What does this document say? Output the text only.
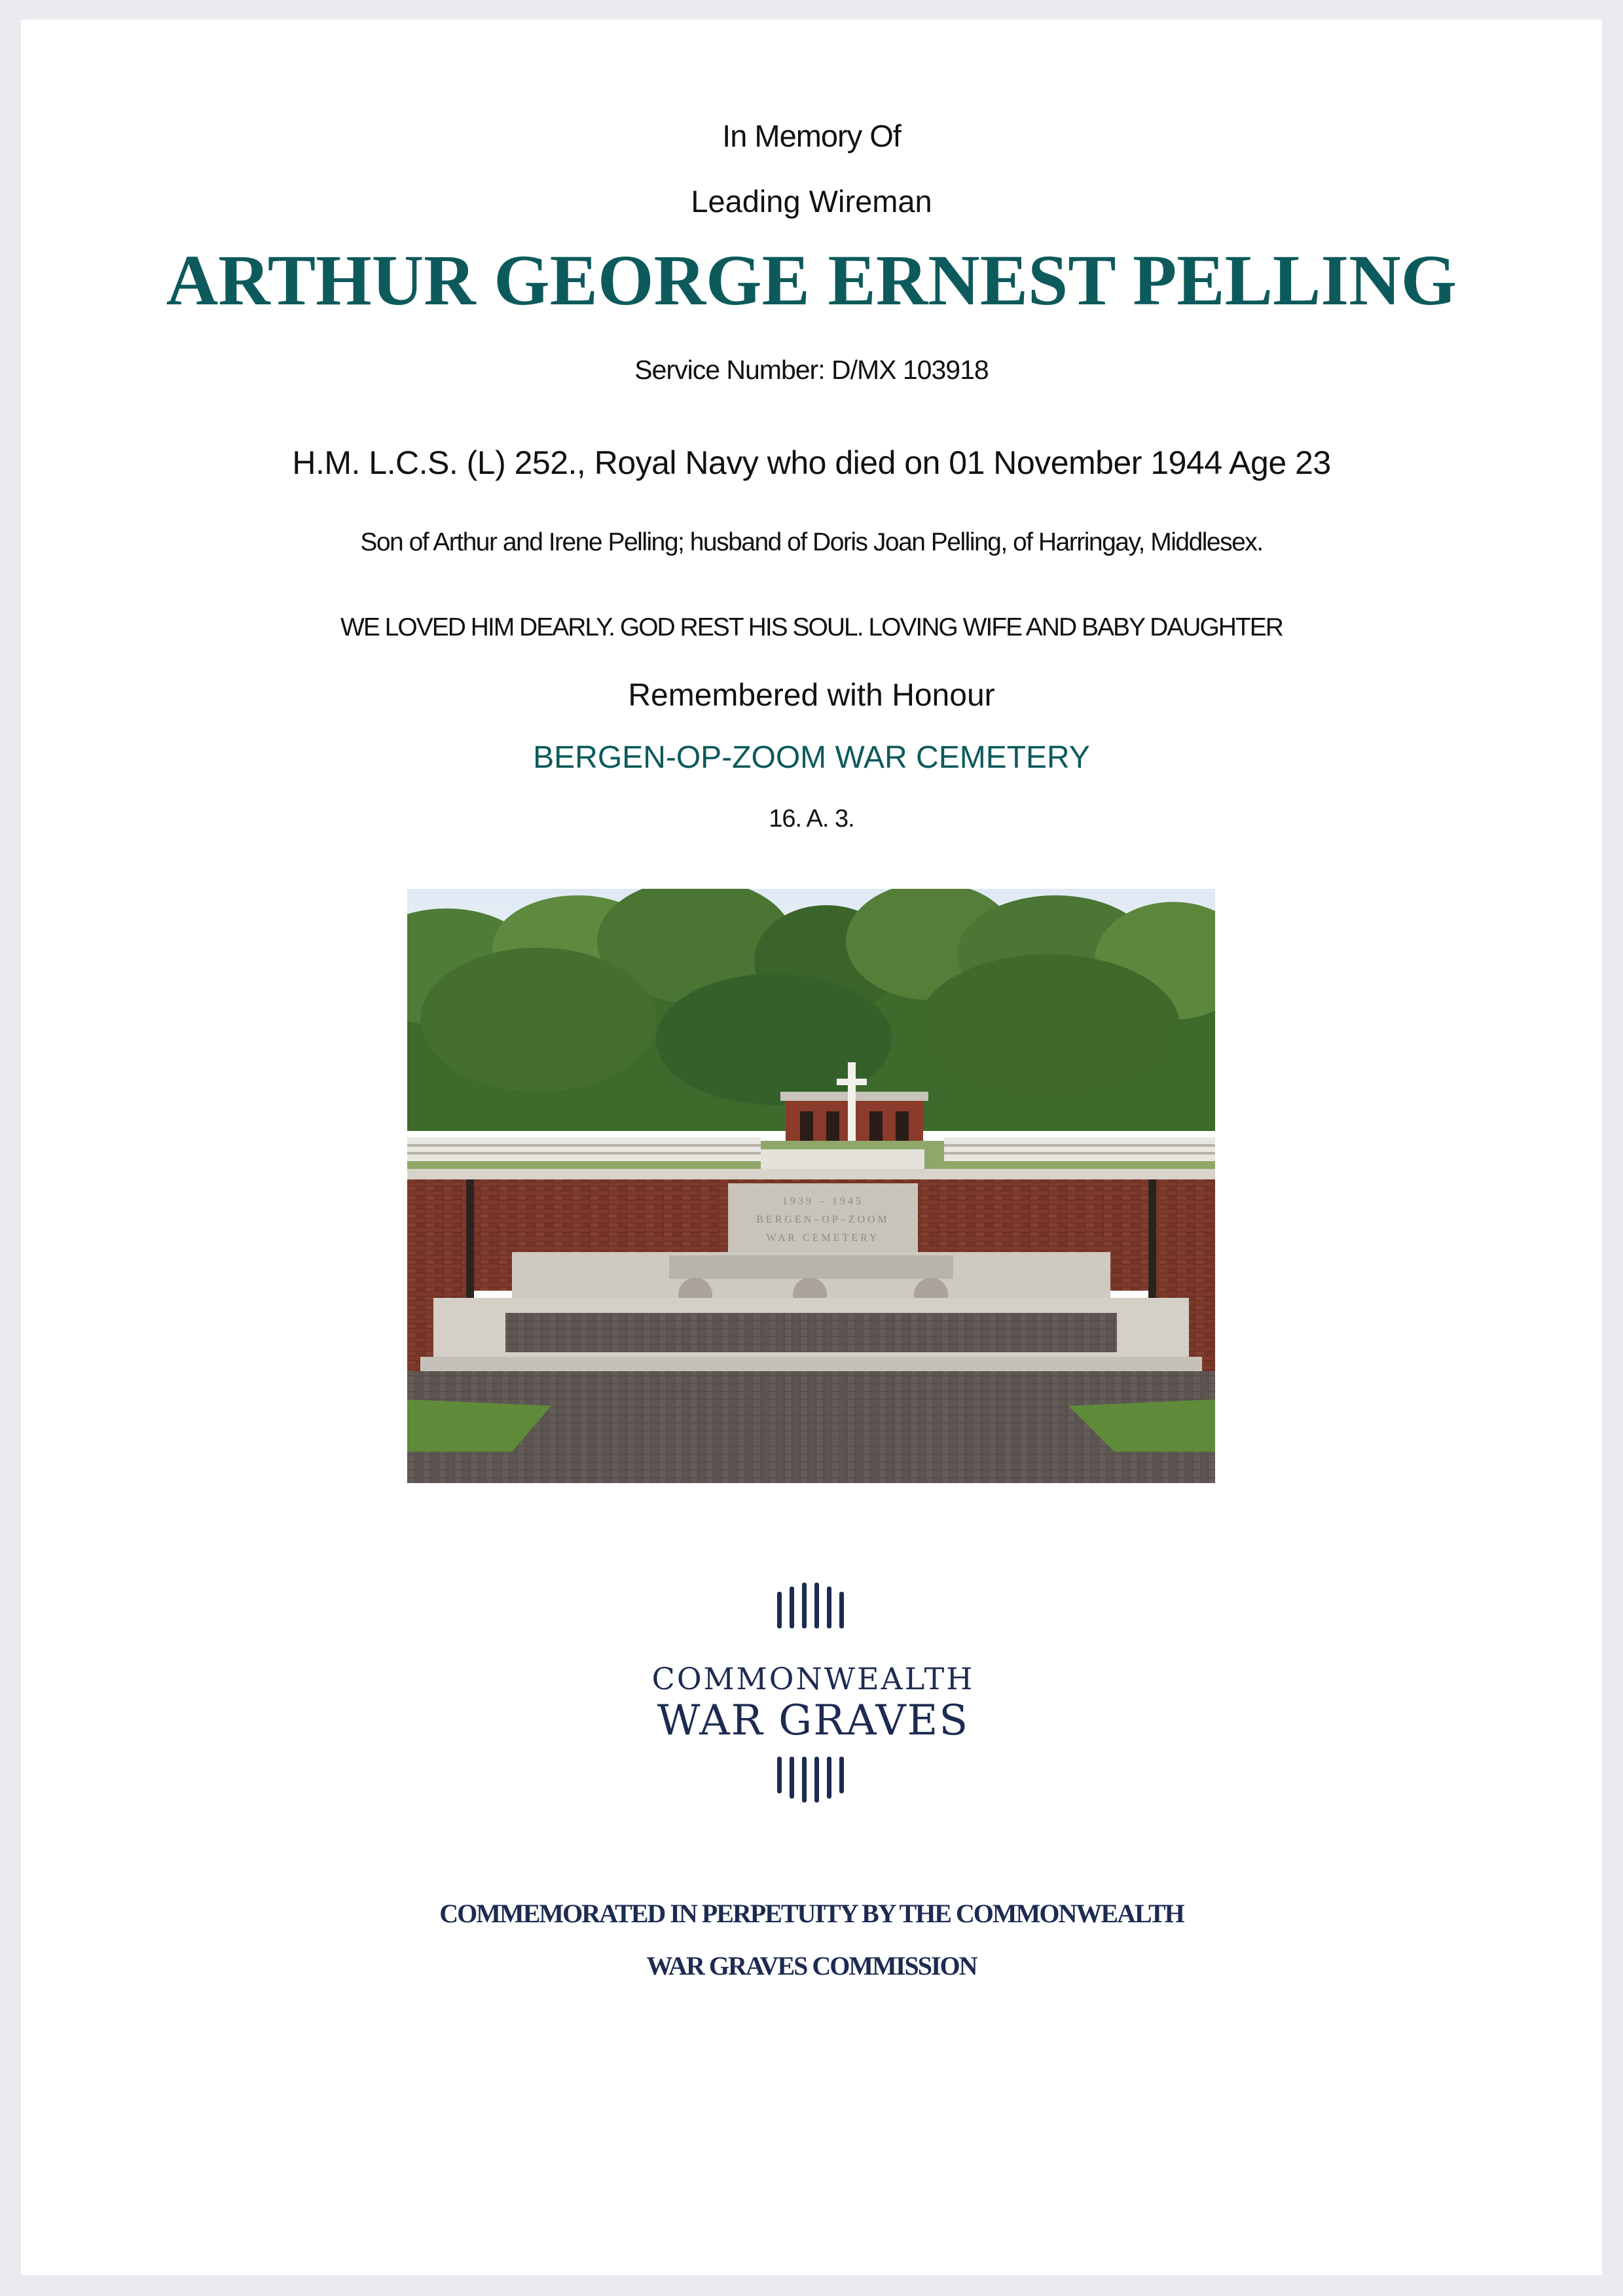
In Memory Of
Leading Wireman
ARTHUR GEORGE ERNEST PELLING
Service Number: D/MX 103918
H.M. L.C.S. (L) 252., Royal Navy who died on 01 November 1944 Age 23
Son of Arthur and Irene Pelling; husband of Doris Joan Pelling, of Harringay, Middlesex.
WE LOVED HIM DEARLY. GOD REST HIS SOUL. LOVING WIFE AND BABY DAUGHTER
Remembered with Honour
BERGEN-OP-ZOOM WAR CEMETERY
16. A. 3.
1939 – 1945
BERGEN–OP–ZOOM
WAR CEMETERY
COMMONWEALTH
WAR GRAVES
COMMEMORATED IN PERPETUITY BY THE COMMONWEALTH
WAR GRAVES COMMISSION
